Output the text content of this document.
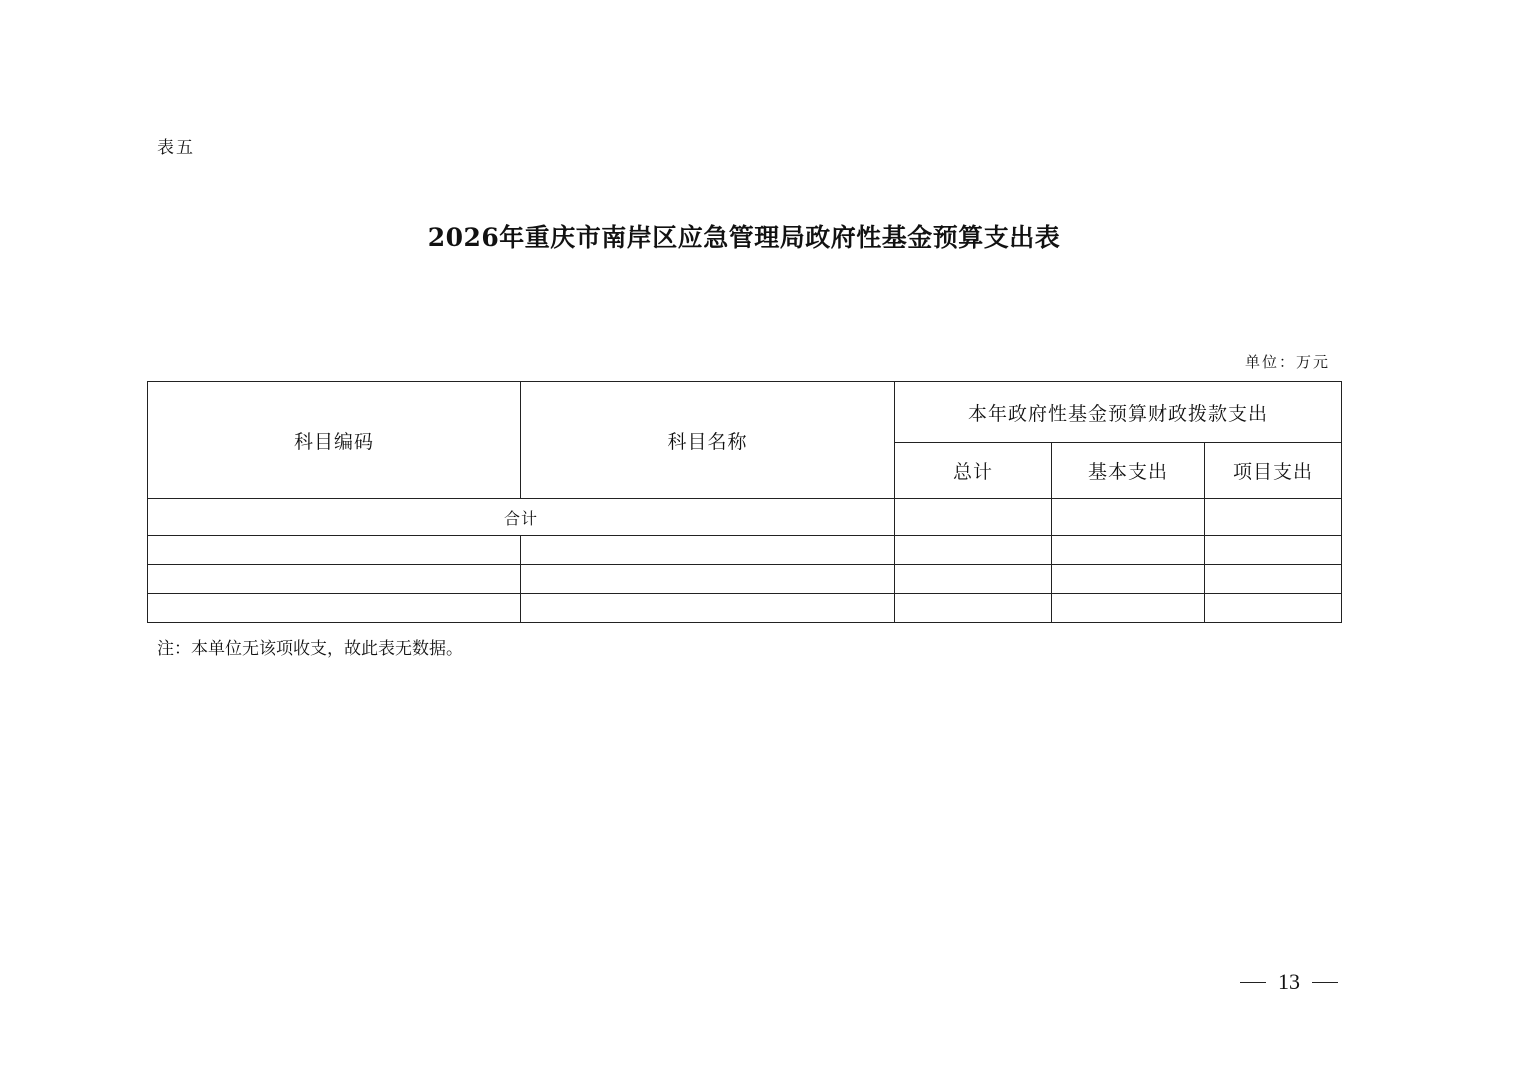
表五
2026年重庆市南岸区应急管理局政府性基金预算支出表
单位：万元
科目编码	科目名称	本年政府性基金预算财政拨款支出		
		总计	基本支出	项目支出
合计				

注：本单位无该项收支，故此表无数据。
13
